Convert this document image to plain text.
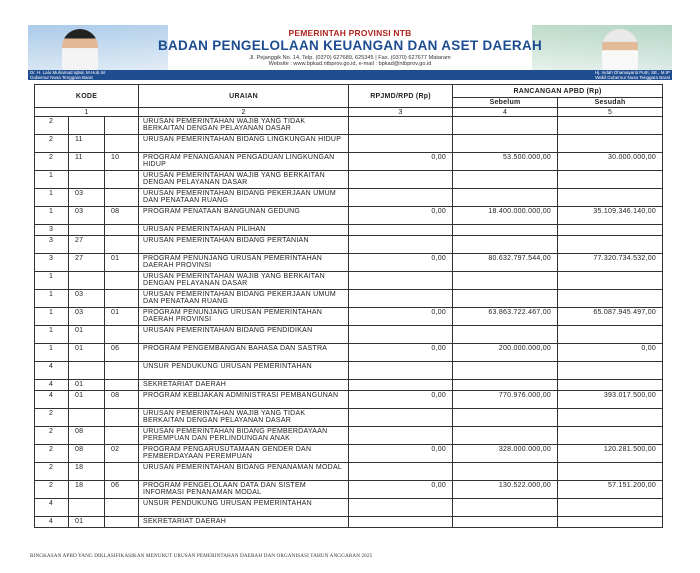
PEMERINTAH PROVINSI NTB
BADAN PENGELOLAAN KEUANGAN DAN ASET DAERAH
Jl. Pejanggik No. 14, Telp. (0370) 627689, 625345 | Fax. (0370) 627677 Mataram
Website : www.bpkad.ntbprov.go.id, e-mail : bpkad@ntbprov.go.id
Dr. H. Lalu Muhamad Iqbal, M.Hub.Int
Gubernur Nusa Tenggara Barat
Hj. Indah Dhamayanti Putri, SE., M.IP
Wakil Gubernur Nusa Tenggara Barat
KODE			URAIAN	RPJMD/RPD (Rp)	RANCANGAN APBD (Rp)	
					Sebelum	Sesudah
1			2	3	4	5
2			URUSAN PEMERINTAHAN WAJIB YANG TIDAK BERKAITAN DENGAN PELAYANAN DASAR			
2	11		URUSAN PEMERINTAHAN BIDANG LINGKUNGAN HIDUP			
2	11	10	PROGRAM PENANGANAN PENGADUAN LINGKUNGAN HIDUP	0,00	53.500.000,00	30.000.000,00
1			URUSAN PEMERINTAHAN WAJIB YANG BERKAITAN DENGAN PELAYANAN DASAR			
1	03		URUSAN PEMERINTAHAN BIDANG PEKERJAAN UMUM DAN PENATAAN RUANG			
1	03	08	PROGRAM PENATAAN BANGUNAN GEDUNG	0,00	18.400.000.000,00	35.109.346.140,00
3			URUSAN PEMERINTAHAN PILIHAN			
3	27		URUSAN PEMERINTAHAN BIDANG PERTANIAN			
3	27	01	PROGRAM PENUNJANG URUSAN PEMERINTAHAN DAERAH PROVINSI	0,00	80.632.797.544,00	77.320.734.532,00
1			URUSAN PEMERINTAHAN WAJIB YANG BERKAITAN DENGAN PELAYANAN DASAR			
1	03		URUSAN PEMERINTAHAN BIDANG PEKERJAAN UMUM DAN PENATAAN RUANG			
1	03	01	PROGRAM PENUNJANG URUSAN PEMERINTAHAN DAERAH PROVINSI	0,00	63.863.722.467,00	65.087.945.497,00
1	01		URUSAN PEMERINTAHAN BIDANG PENDIDIKAN			
1	01	06	PROGRAM PENGEMBANGAN BAHASA DAN SASTRA	0,00	200.000.000,00	0,00
4			UNSUR PENDUKUNG URUSAN PEMERINTAHAN			
4	01		SEKRETARIAT DAERAH			
4	01	08	PROGRAM KEBIJAKAN ADMINISTRASI PEMBANGUNAN	0,00	770.976.000,00	393.017.500,00
2			URUSAN PEMERINTAHAN WAJIB YANG TIDAK BERKAITAN DENGAN PELAYANAN DASAR			
2	08		URUSAN PEMERINTAHAN BIDANG PEMBERDAYAAN PEREMPUAN DAN PERLINDUNGAN ANAK			
2	08	02	PROGRAM PENGARUSUTAMAAN GENDER DAN PEMBERDAYAAN PEREMPUAN	0,00	328.000.000,00	120.281.500,00
2	18		URUSAN PEMERINTAHAN BIDANG PENANAMAN MODAL			
2	18	06	PROGRAM PENGELOLAAN DATA DAN SISTEM INFORMASI PENANAMAN MODAL	0,00	130.522.000,00	57.151.200,00
4			UNSUR PENDUKUNG URUSAN PEMERINTAHAN			
4	01		SEKRETARIAT DAERAH			
RINGKASAN APBD YANG DIKLASIFIKASIKAN MENURUT URUSAN PEMERINTAHAN DAERAH DAN ORGANISASI TAHUN ANGGARAN 2025
